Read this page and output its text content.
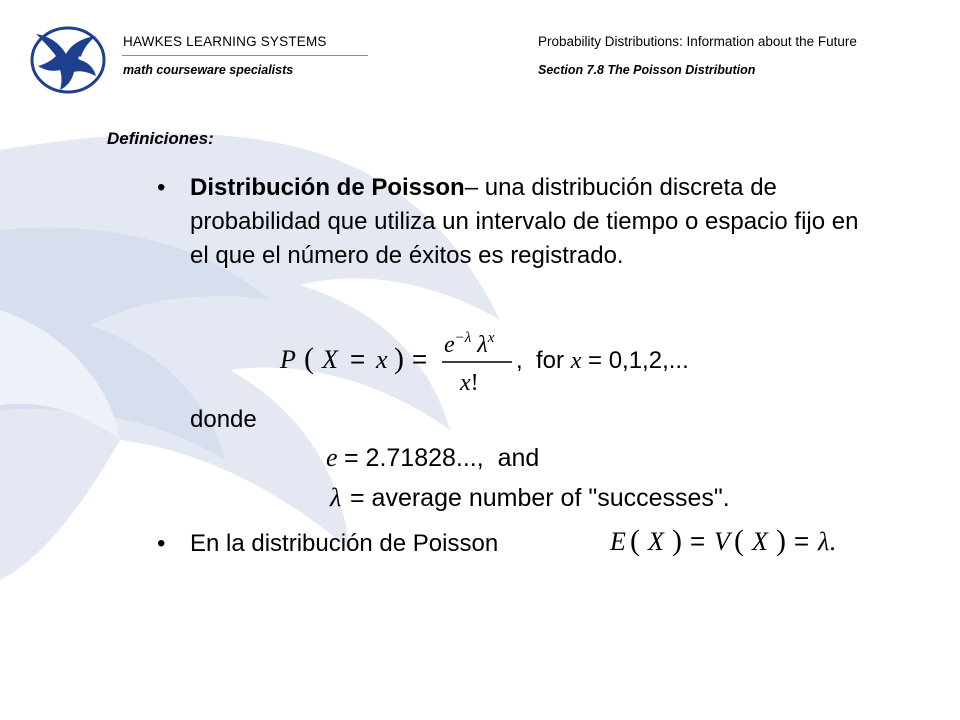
HAWKES LEARNING SYSTEMS
math courseware specialists
Probability Distributions: Information about the Future
Section 7.8 The Poisson Distribution
Definiciones:
• Distribución de Poisson– una distribución discreta de probabilidad que utiliza un intervalo de tiempo o espacio fijo en el que el número de éxitos es registrado.
P ( X = x ) = $e^{-\lambda}$ $\lambda^x$
x!
,  for x = 0,1,2,...
donde
e = 2.71828...,  and
λ = average number of "successes".
• En la distribución de Poisson	E ( X ) = V ( X ) = λ.
